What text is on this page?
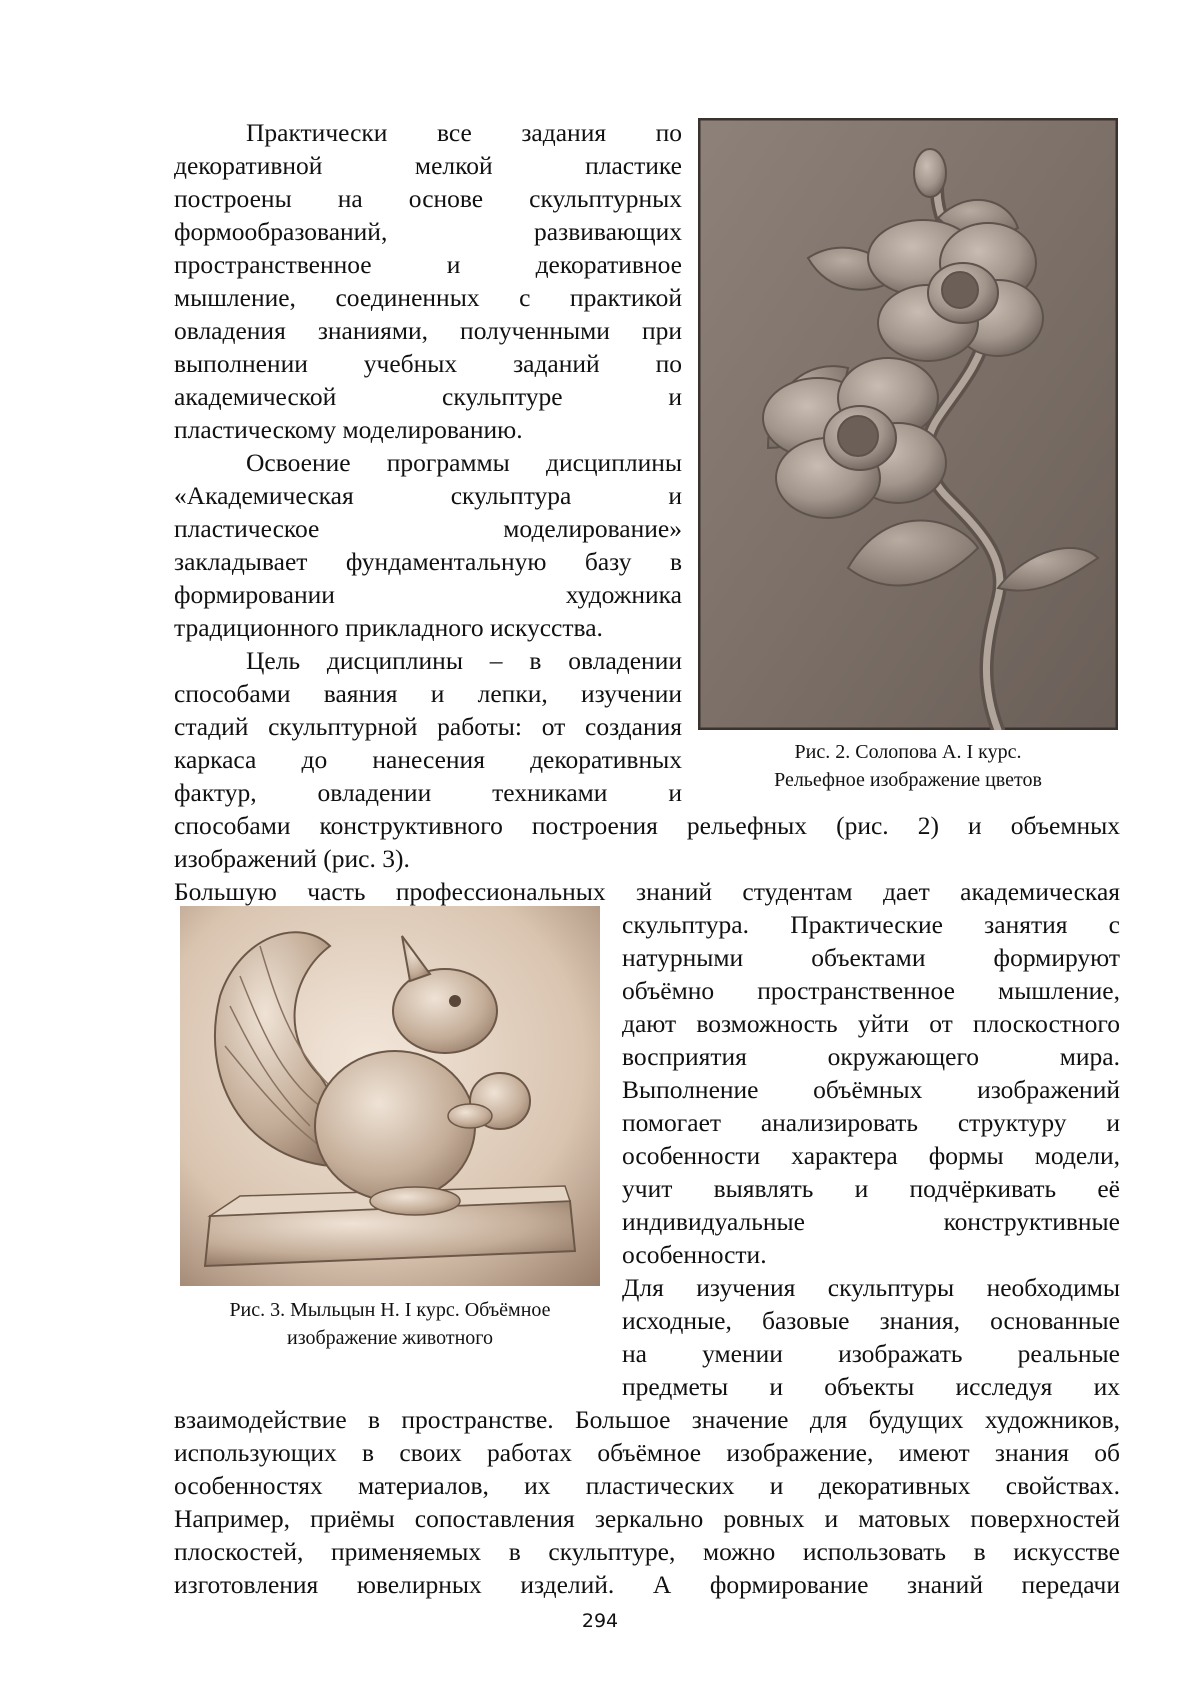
Практически все задания по
декоративной мелкой пластике
построены на основе скульптурных
формообразований, развивающих
пространственное и декоративное
мышление, соединенных с практикой
овладения знаниями, полученными при
выполнении учебных заданий по
академической скульптуре и
пластическому моделированию.
Освоение программы дисциплины
«Академическая скульптура и
пластическое моделирование»
закладывает фундаментальную базу в
формировании художника
традиционного прикладного искусства.
Цель дисциплины – в овладении
способами ваяния и лепки, изучении
стадий скульптурной работы: от создания
каркаса до нанесения декоративных
фактур, овладении техниками и
способами конструктивного построения рельефных (рис. 2) и объемных
изображений (рис. 3).
Большую часть профессиональных знаний студентам дает академическая
скульптура. Практические занятия с
натурными объектами формируют
объёмно пространственное мышление,
дают возможность уйти от плоскостного
восприятия окружающего мира.
Выполнение объёмных изображений
помогает анализировать структуру и
особенности характера формы модели,
учит выявлять и подчёркивать её
индивидуальные конструктивные
особенности.
Для изучения скульптуры необходимы
исходные, базовые знания, основанные
на умении изображать реальные
предметы и объекты исследуя их
взаимодействие в пространстве. Большое значение для будущих художников,
использующих в своих работах объёмное изображение, имеют знания об
особенностях материалов, их пластических и декоративных свойствах.
Например, приёмы сопоставления зеркально ровных и матовых поверхностей
плоскостей, применяемых в скульптуре, можно использовать в искусстве
изготовления ювелирных изделий. А формирование знаний передачи
Рис. 2. Солопова А. I курс.
Рельефное изображение цветов
Рис. 3. Мыльцын Н. I курс. Объёмное
изображение животного
294
